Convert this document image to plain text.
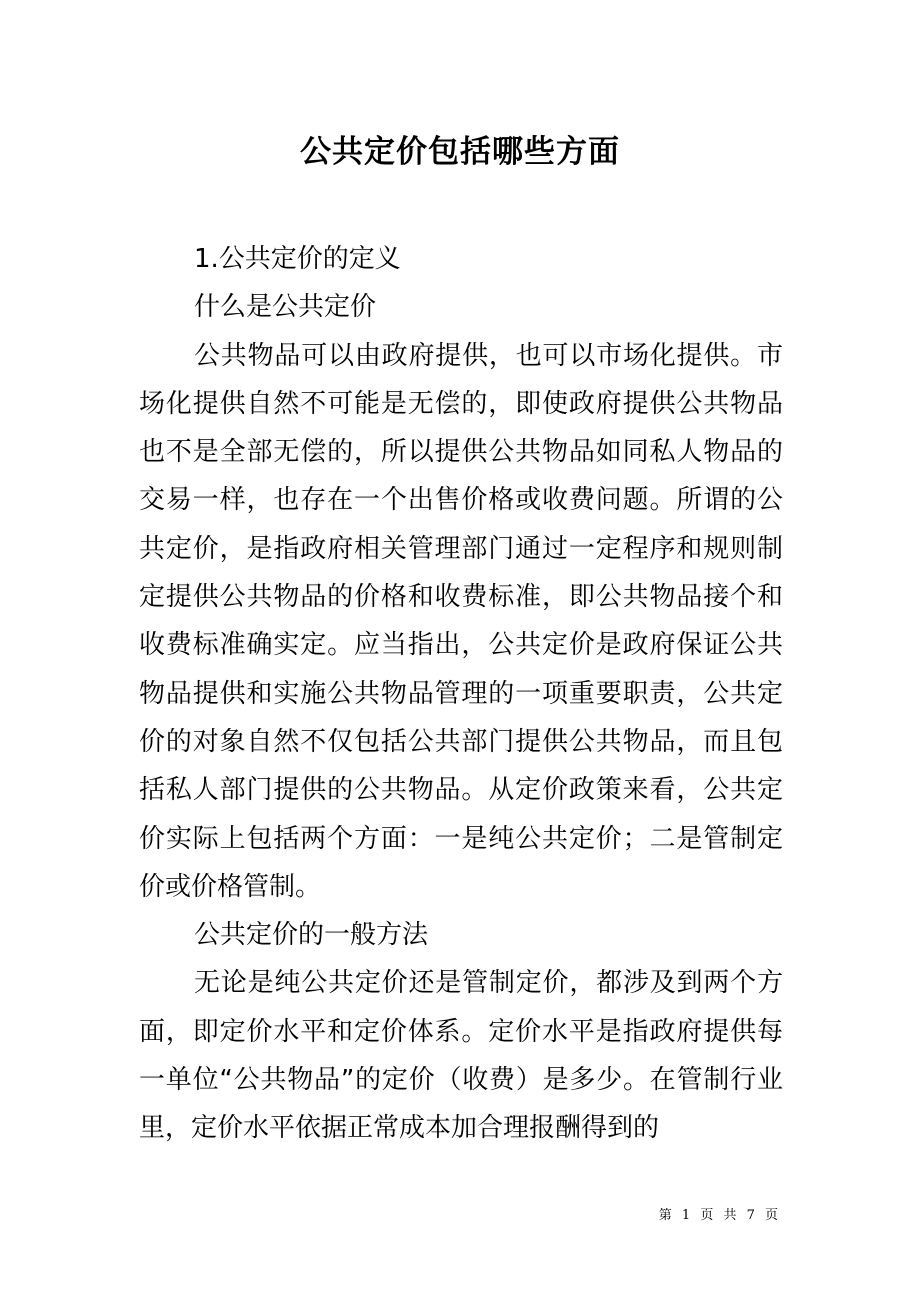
公共定价包括哪些方面

1.公共定价的定义

什么是公共定价

公共物品可以由政府提供，也可以市场化提供。市场化提供自然不可能是无偿的，即使政府提供公共物品也不是全部无偿的，所以提供公共物品如同私人物品的交易一样，也存在一个出售价格或收费问题。所谓的公共定价，是指政府相关管理部门通过一定程序和规则制定提供公共物品的价格和收费标准，即公共物品接个和收费标准确实定。应当指出，公共定价是政府保证公共物品提供和实施公共物品管理的一项重要职责，公共定价的对象自然不仅包括公共部门提供公共物品，而且包括私人部门提供的公共物品。从定价政策来看，公共定价实际上包括两个方面：一是纯公共定价；二是管制定价或价格管制。

公共定价的一般方法

无论是纯公共定价还是管制定价，都涉及到两个方面，即定价水平和定价体系。定价水平是指政府提供每一单位“公共物品”的定价（收费）是多少。在管制行业里，定价水平依据正常成本加合理报酬得到的

第 1 页 共 7 页
